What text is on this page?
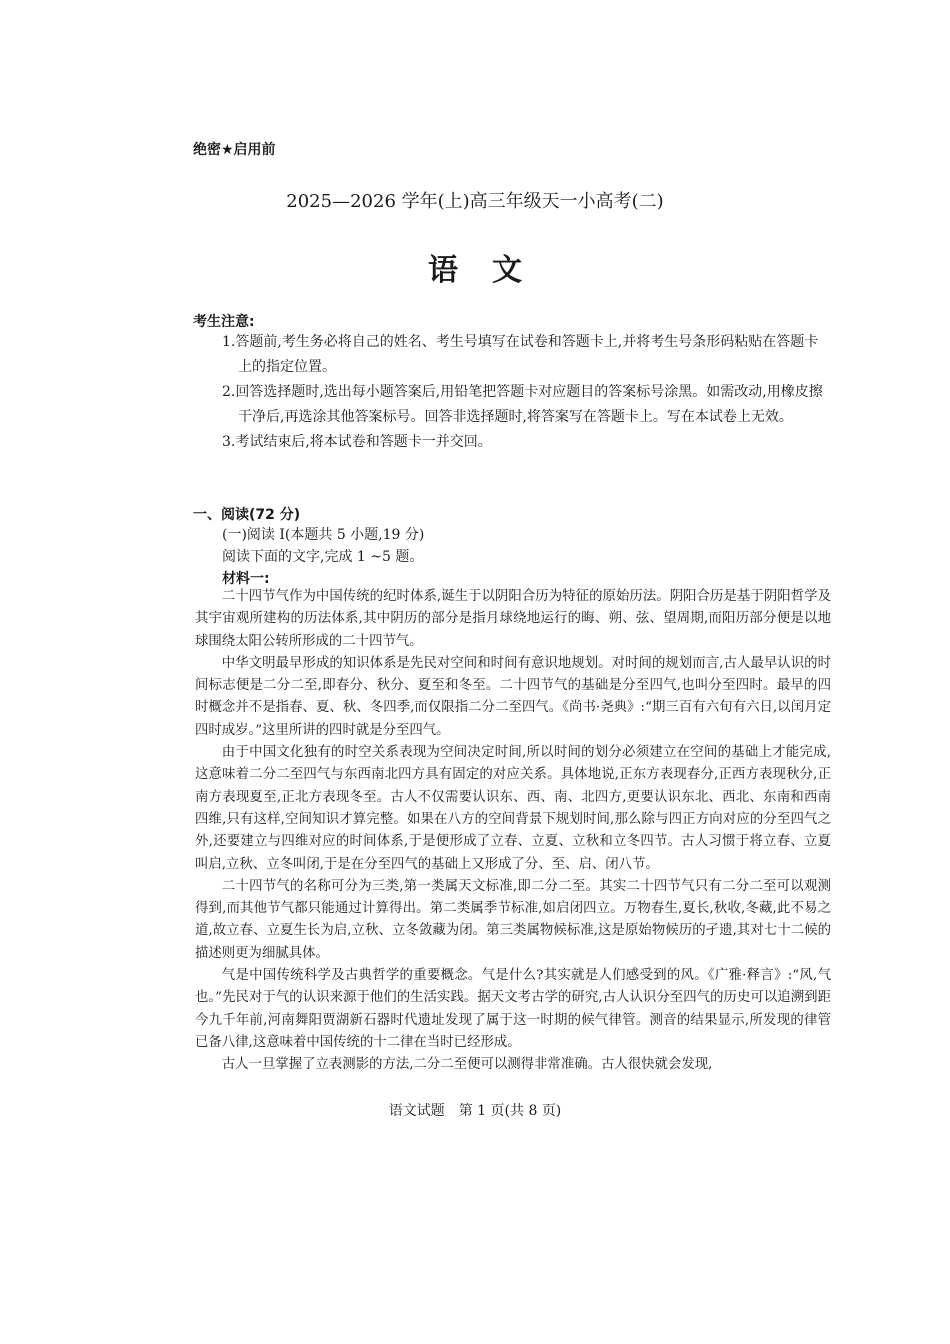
绝密★启用前
2025—2026 学年(上)高三年级天一小高考(二)
语文
考生注意:

1.答题前,考生务必将自己的姓名、考生号填写在试卷和答题卡上,并将考生号条形码粘贴在答题卡上的指定位置。

2.回答选择题时,选出每小题答案后,用铅笔把答题卡对应题目的答案标号涂黑。如需改动,用橡皮擦干净后,再选涂其他答案标号。回答非选择题时,将答案写在答题卡上。写在本试卷上无效。

3.考试结束后,将本试卷和答题卡一并交回。

一、阅读(72 分)
(一)阅读 I(本题共 5 小题,19 分)
阅读下面的文字,完成 1 ~5 题。
材料一:

二十四节气作为中国传统的纪时体系,诞生于以阴阳合历为特征的原始历法。阴阳合历是基于阴阳哲学及其宇宙观所建构的历法体系,其中阴历的部分是指月球绕地运行的晦、朔、弦、望周期,而阳历部分便是以地球围绕太阳公转所形成的二十四节气。

中华文明最早形成的知识体系是先民对空间和时间有意识地规划。对时间的规划而言,古人最早认识的时间标志便是二分二至,即春分、秋分、夏至和冬至。二十四节气的基础是分至四气,也叫分至四时。最早的四时概念并不是指春、夏、秋、冬四季,而仅限指二分二至四气。《尚书·尧典》:“期三百有六旬有六日,以闰月定四时成岁。”这里所讲的四时就是分至四气。

由于中国文化独有的时空关系表现为空间决定时间,所以时间的划分必须建立在空间的基础上才能完成,这意味着二分二至四气与东西南北四方具有固定的对应关系。具体地说,正东方表现春分,正西方表现秋分,正南方表现夏至,正北方表现冬至。古人不仅需要认识东、西、南、北四方,更要认识东北、西北、东南和西南四维,只有这样,空间知识才算完整。如果在八方的空间背景下规划时间,那么除与四正方向对应的分至四气之外,还要建立与四维对应的时间体系,于是便形成了立春、立夏、立秋和立冬四节。古人习惯于将立春、立夏叫启,立秋、立冬叫闭,于是在分至四气的基础上又形成了分、至、启、闭八节。

二十四节气的名称可分为三类,第一类属天文标准,即二分二至。其实二十四节气只有二分二至可以观测得到,而其他节气都只能通过计算得出。第二类属季节标准,如启闭四立。万物春生,夏长,秋收,冬藏,此不易之道,故立春、立夏生长为启,立秋、立冬敛藏为闭。第三类属物候标准,这是原始物候历的孑遗,其对七十二候的描述则更为细腻具体。

气是中国传统科学及古典哲学的重要概念。气是什么?其实就是人们感受到的风。《广雅·释言》:“风,气也。”先民对于气的认识来源于他们的生活实践。据天文考古学的研究,古人认识分至四气的历史可以追溯到距今九千年前,河南舞阳贾湖新石器时代遗址发现了属于这一时期的候气律管。测音的结果显示,所发现的律管已备八律,这意味着中国传统的十二律在当时已经形成。

古人一旦掌握了立表测影的方法,二分二至便可以测得非常准确。古人很快就会发现,

语文试题　第 1 页(共 8 页)
